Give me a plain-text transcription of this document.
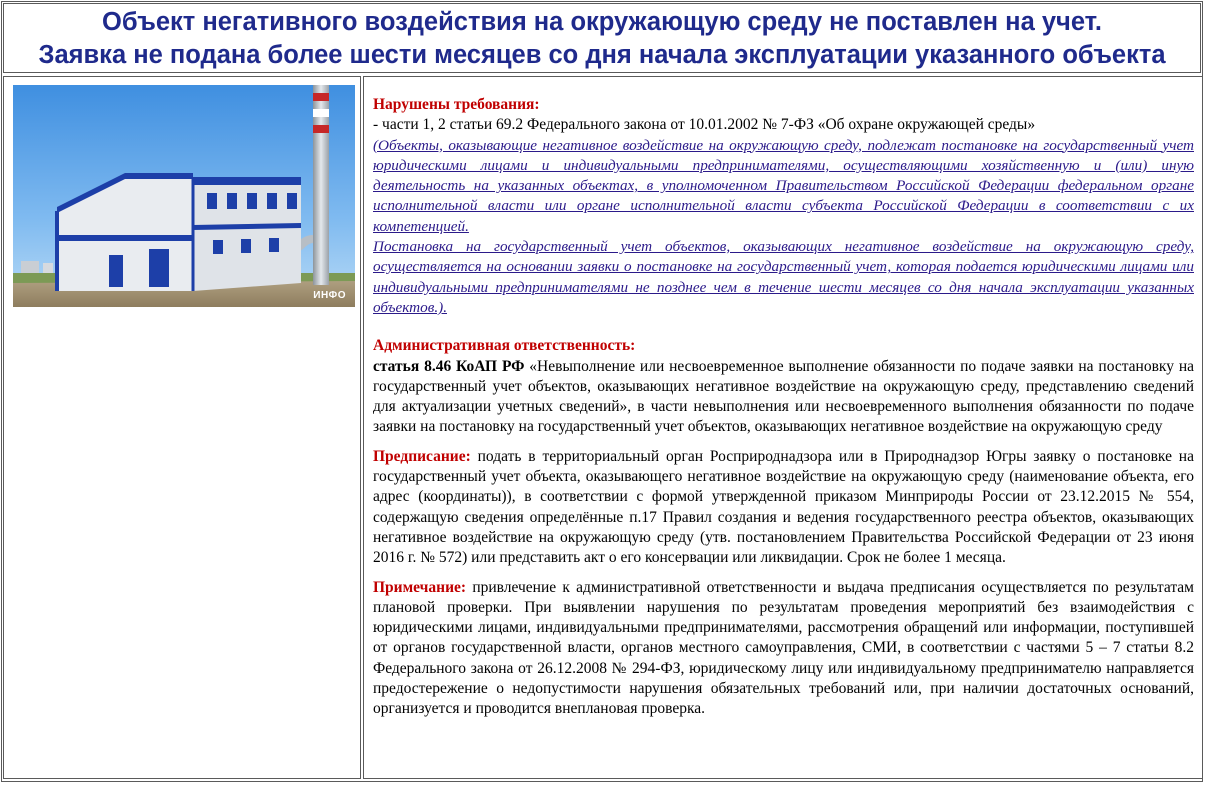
Объект негативного воздействия на окружающую среду не поставлен на учет.
Заявка не подана более шести месяцев со дня начала эксплуатации указанного объекта
ИНФО

Нарушены требования:

- части 1, 2 статьи 69.2 Федерального закона от 10.01.2002 № 7-ФЗ «Об охране окружающей среды»

(Объекты, оказывающие негативное воздействие на окружающую среду, подлежат постановке на государственный учет юридическими лицами и индивидуальными предпринимателями, осуществляющими хозяйственную и (или) иную деятельность на указанных объектах, в уполномоченном Правительством Российской Федерации федеральном органе исполнительной власти или органе исполнительной власти субъекта Российской Федерации в соответствии с их компетенцией.

Постановка на государственный учет объектов, оказывающих негативное воздействие на окружающую среду, осуществляется на основании заявки о постановке на государственный учет, которая подается юридическими лицами или индивидуальными предпринимателями не позднее чем в течение шести месяцев со дня начала эксплуатации указанных объектов.).

Административная ответственность:

статья 8.46 КоАП РФ «Невыполнение или несвоевременное выполнение обязанности по подаче заявки на постановку на государственный учет объектов, оказывающих негативное воздействие на окружающую среду, представлению сведений для актуализации учетных сведений», в части невыполнения или несвоевременного выполнения обязанности по подаче заявки на постановку на государственный учет объектов, оказывающих негативное воздействие на окружающую среду

Предписание: подать в территориальный орган Росприроднадзора или в Природнадзор Югры заявку о постановке на государственный учет объекта, оказывающего негативное воздействие на окружающую среду (наименование объекта, его адрес (координаты)), в соответствии с формой утвержденной приказом Минприроды России от 23.12.2015 № 554, содержащую сведения определённые п.17 Правил создания и ведения государственного реестра объектов, оказывающих негативное воздействие на окружающую среду (утв. постановлением Правительства Российской Федерации от 23 июня 2016 г. № 572) или представить акт о его консервации или ликвидации. Срок не более 1 месяца.

Примечание: привлечение к административной ответственности и выдача предписания осуществляется по результатам плановой проверки. При выявлении нарушения по результатам проведения мероприятий без взаимодействия с юридическими лицами, индивидуальными предпринимателями, рассмотрения обращений или информации, поступившей от органов государственной власти, органов местного самоуправления, СМИ, в соответствии с частями 5 – 7 статьи 8.2 Федерального закона от 26.12.2008 № 294-ФЗ, юридическому лицу или индивидуальному предпринимателю направляется предостережение о недопустимости нарушения обязательных требований или, при наличии достаточных оснований, организуется и проводится внеплановая проверка.
